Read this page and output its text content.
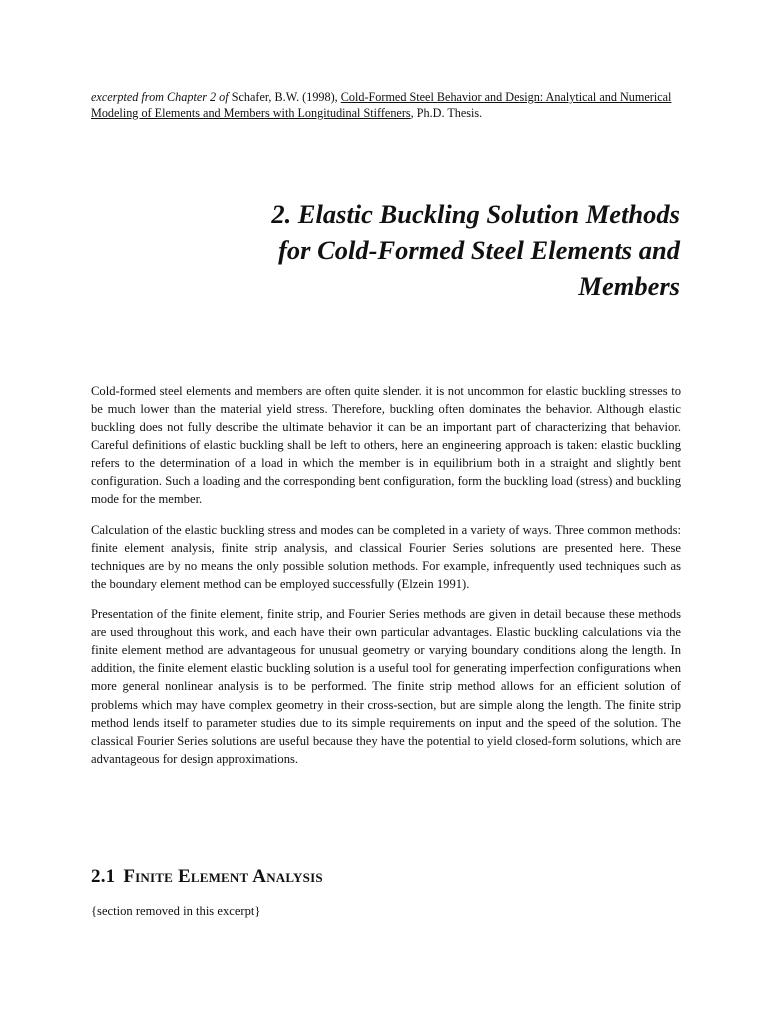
excerpted from Chapter 2 of Schafer, B.W. (1998), Cold-Formed Steel Behavior and Design: Analytical and Numerical Modeling of Elements and Members with Longitudinal Stiffeners, Ph.D. Thesis.
2. Elastic Buckling Solution Methods
for Cold-Formed Steel Elements and
Members

Cold-formed steel elements and members are often quite slender. it is not uncommon for elastic buckling stresses to be much lower than the material yield stress. Therefore, buckling often dominates the behavior. Although elastic buckling does not fully describe the ultimate behavior it can be an important part of characterizing that behavior. Careful definitions of elastic buckling shall be left to others, here an engineering approach is taken: elastic buckling refers to the determination of a load in which the member is in equilibrium both in a straight and slightly bent configuration. Such a loading and the corresponding bent configuration, form the buckling load (stress) and buckling mode for the member.

Calculation of the elastic buckling stress and modes can be completed in a variety of ways. Three common methods: finite element analysis, finite strip analysis, and classical Fourier Series solutions are presented here. These techniques are by no means the only possible solution methods. For example, infrequently used techniques such as the boundary element method can be employed successfully (Elzein 1991).

Presentation of the finite element, finite strip, and Fourier Series methods are given in detail because these methods are used throughout this work, and each have their own particular advantages. Elastic buckling calculations via the finite element method are advantageous for unusual geometry or varying boundary conditions along the length. In addition, the finite element elastic buckling solution is a useful tool for generating imperfection configurations when more general nonlinear analysis is to be performed. The finite strip method allows for an efficient solution of problems which may have complex geometry in their cross-section, but are simple along the length. The finite strip method lends itself to parameter studies due to its simple requirements on input and the speed of the solution. The classical Fourier Series solutions are useful because they have the potential to yield closed-form solutions, which are advantageous for design approximations.

2.1 Finite Element Analysis
{section removed in this excerpt}
